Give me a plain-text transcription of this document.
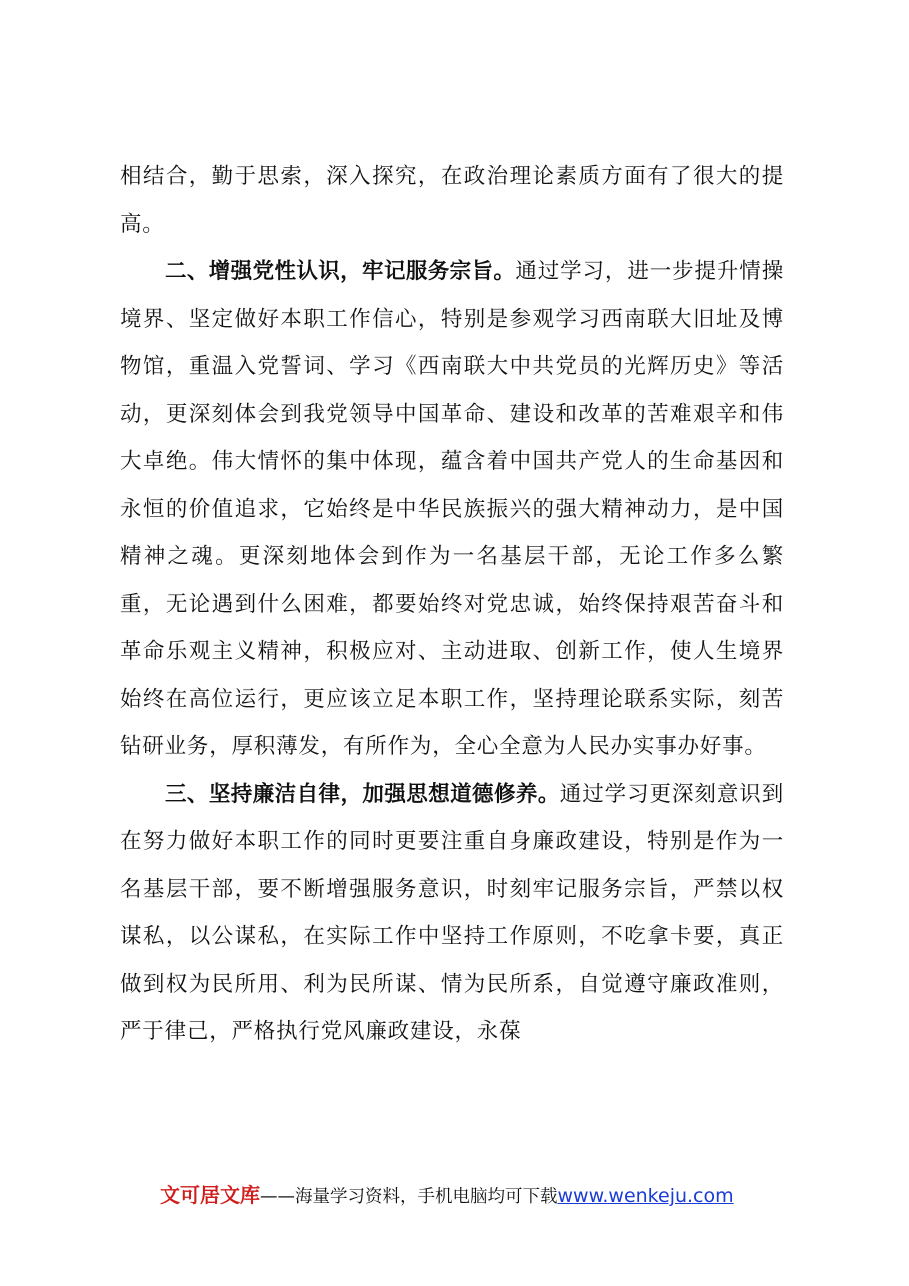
相结合，勤于思索，深入探究，在政治理论素质方面有了很大的提高。

二、增强党性认识，牢记服务宗旨。通过学习，进一步提升情操境界、坚定做好本职工作信心，特别是参观学习西南联大旧址及博物馆，重温入党誓词、学习《西南联大中共党员的光辉历史》等活动，更深刻体会到我党领导中国革命、建设和改革的苦难艰辛和伟大卓绝。伟大情怀的集中体现，蕴含着中国共产党人的生命基因和永恒的价值追求，它始终是中华民族振兴的强大精神动力，是中国精神之魂。更深刻地体会到作为一名基层干部，无论工作多么繁重，无论遇到什么困难，都要始终对党忠诚，始终保持艰苦奋斗和革命乐观主义精神，积极应对、主动进取、创新工作，使人生境界始终在高位运行，更应该立足本职工作，坚持理论联系实际，刻苦钻研业务，厚积薄发，有所作为，全心全意为人民办实事办好事。

三、坚持廉洁自律，加强思想道德修养。通过学习更深刻意识到在努力做好本职工作的同时更要注重自身廉政建设，特别是作为一名基层干部，要不断增强服务意识，时刻牢记服务宗旨，严禁以权谋私，以公谋私，在实际工作中坚持工作原则，不吃拿卡要，真正做到权为民所用、利为民所谋、情为民所系，自觉遵守廉政准则，严于律己，严格执行党风廉政建设，永葆

文可居文库——海量学习资料，手机电脑均可下载www.wenkeju.com
